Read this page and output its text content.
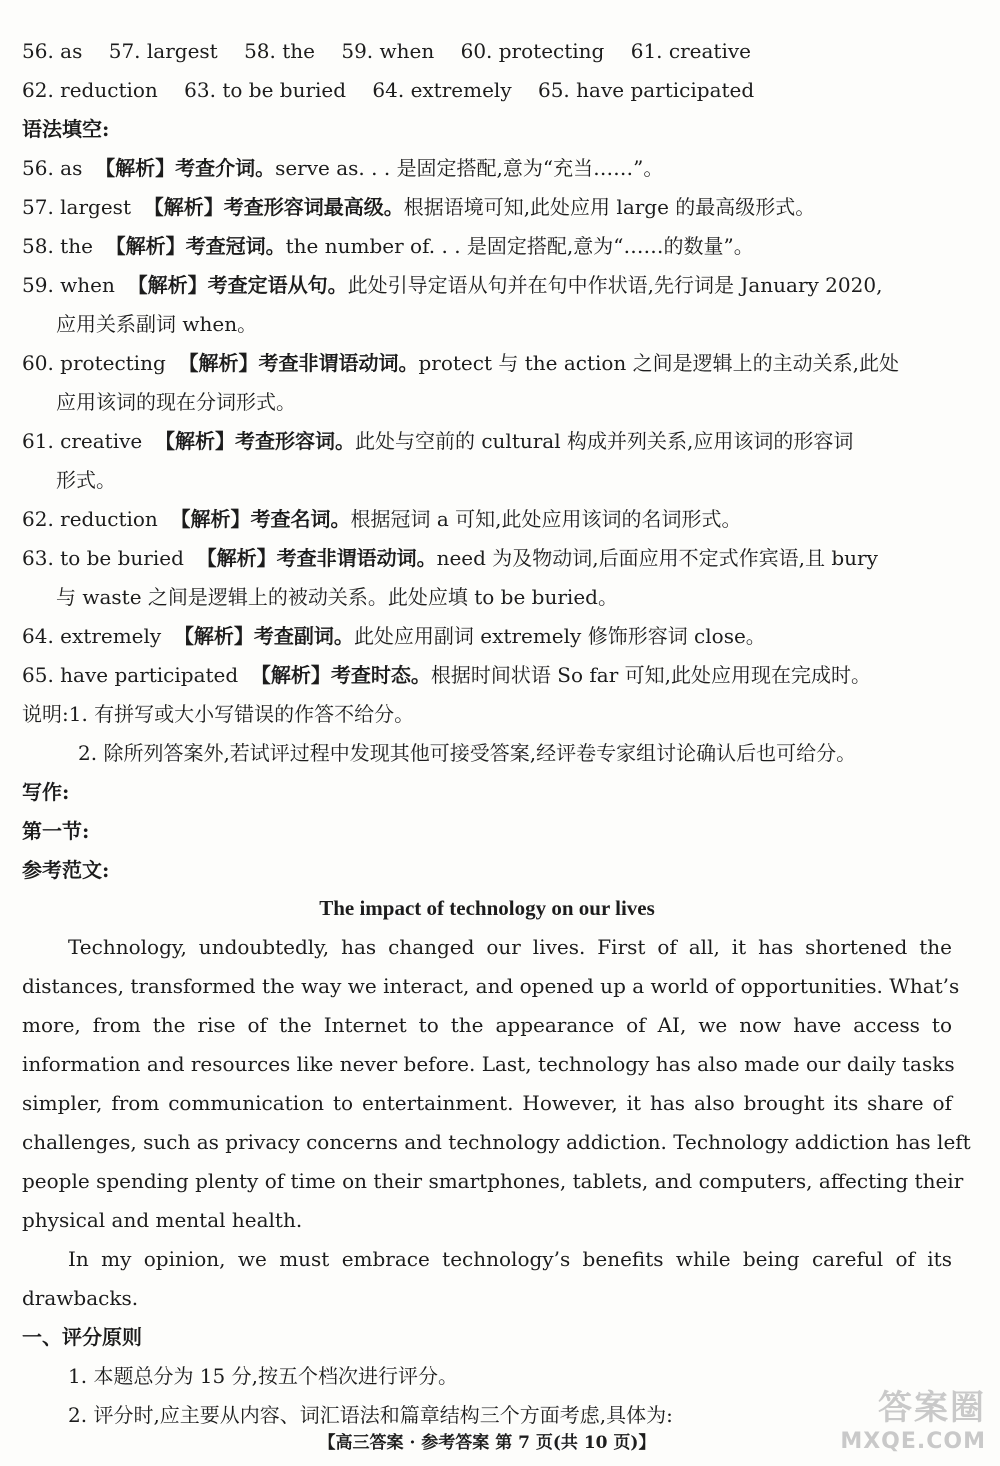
56. as 57. largest 58. the 59. when 60. protecting 61. creative
62. reduction 63. to be buried 64. extremely 65. have participated
语法填空:
56. as 【解析】考查介词。serve as. . . 是固定搭配,意为“充当……”。
57. largest 【解析】考查形容词最高级。根据语境可知,此处应用 large 的最高级形式。
58. the 【解析】考查冠词。the number of. . . 是固定搭配,意为“……的数量”。
59. when 【解析】考查定语从句。此处引导定语从句并在句中作状语,先行词是 January 2020,
应用关系副词 when。
60. protecting 【解析】考查非谓语动词。protect 与 the action 之间是逻辑上的主动关系,此处
应用该词的现在分词形式。
61. creative 【解析】考查形容词。此处与空前的 cultural 构成并列关系,应用该词的形容词
形式。
62. reduction 【解析】考查名词。根据冠词 a 可知,此处应用该词的名词形式。
63. to be buried 【解析】考查非谓语动词。need 为及物动词,后面应用不定式作宾语,且 bury
与 waste 之间是逻辑上的被动关系。此处应填 to be buried。
64. extremely 【解析】考查副词。此处应用副词 extremely 修饰形容词 close。
65. have participated 【解析】考查时态。根据时间状语 So far 可知,此处应用现在完成时。
说明:1. 有拼写或大小写错误的作答不给分。
2. 除所列答案外,若试评过程中发现其他可接受答案,经评卷专家组讨论确认后也可给分。
写作:
第一节:
参考范文:
The impact of technology on our lives
Technology, undoubtedly, has changed our lives. First of all, it has shortened the
distances, transformed the way we interact, and opened up a world of opportunities. What’s
more, from the rise of the Internet to the appearance of AI, we now have access to
information and resources like never before. Last, technology has also made our daily tasks
simpler, from communication to entertainment. However, it has also brought its share of
challenges, such as privacy concerns and technology addiction. Technology addiction has left
people spending plenty of time on their smartphones, tablets, and computers, affecting their
physical and mental health.
In my opinion, we must embrace technology’s benefits while being careful of its
drawbacks.
一、评分原则
1. 本题总分为 15 分,按五个档次进行评分。
2. 评分时,应主要从内容、词汇语法和篇章结构三个方面考虑,具体为:
【高三答案 · 参考答案 第 7 页(共 10 页)】
答案圈
MXQE.COM
